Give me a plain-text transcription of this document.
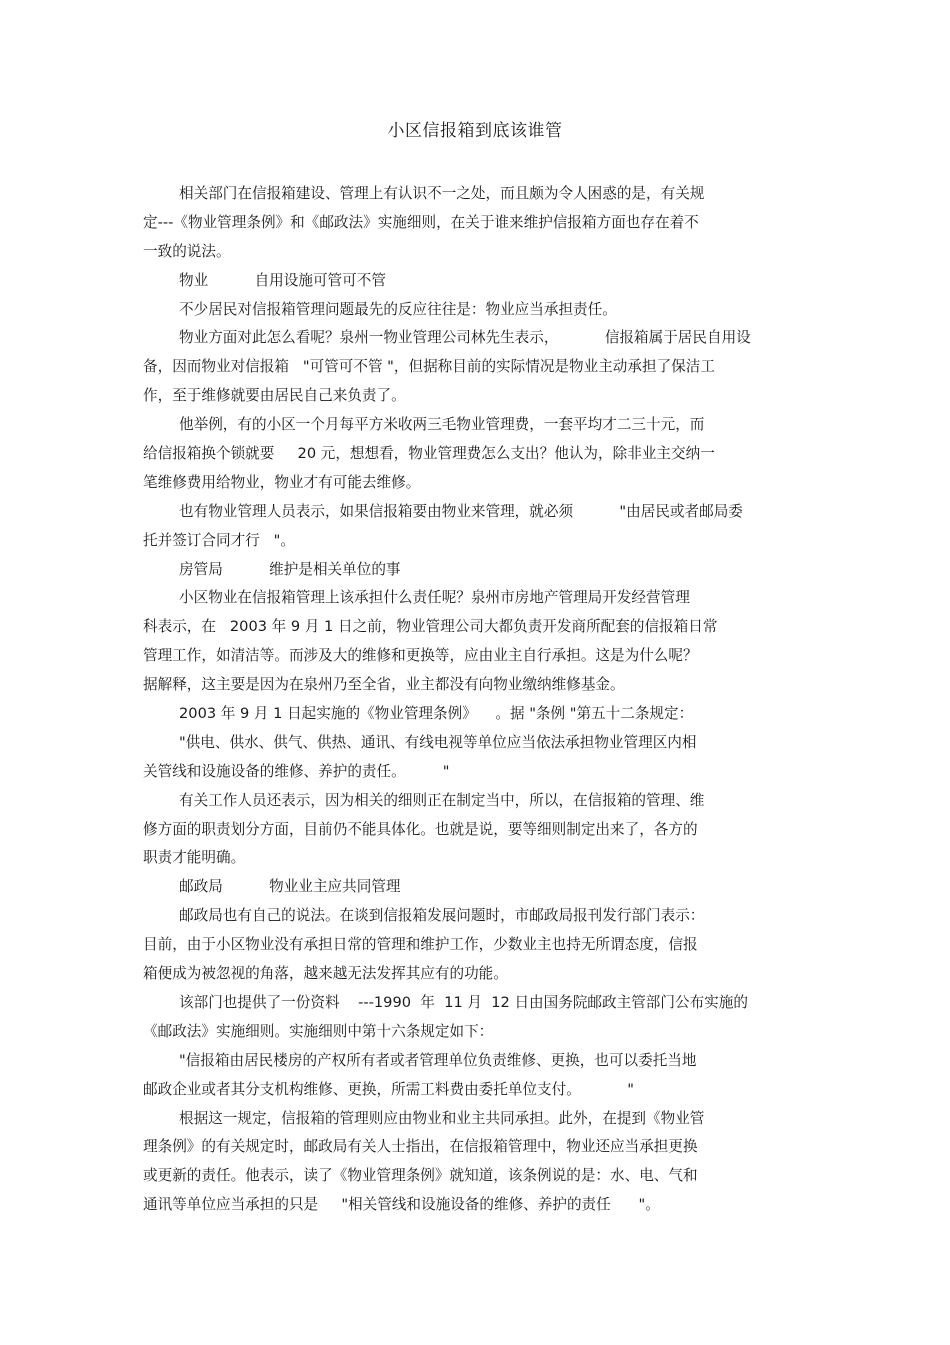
小区信报箱到底该谁管
相关部门在信报箱建设、管理上有认识不一之处，而且颇为令人困惑的是，有关规
定---《物业管理条例》和《邮政法》实施细则，在关于谁来维护信报箱方面也存在着不
一致的说法。
物业          自用设施可管可不管
不少居民对信报箱管理问题最先的反应往往是：物业应当承担责任。
物业方面对此怎么看呢？泉州一物业管理公司林先生表示，          信报箱属于居民自用设
备，因而物业对信报箱   "可管可不管 "，但据称目前的实际情况是物业主动承担了保洁工
作，至于维修就要由居民自己来负责了。
他举例，有的小区一个月每平方米收两三毛物业管理费，一套平均才二三十元，而
给信报箱换个锁就要     20 元，想想看，物业管理费怎么支出？他认为，除非业主交纳一
笔维修费用给物业，物业才有可能去维修。
也有物业管理人员表示，如果信报箱要由物业来管理，就必须          "由居民或者邮局委
托并签订合同才行   "。
房管局          维护是相关单位的事
小区物业在信报箱管理上该承担什么责任呢？泉州市房地产管理局开发经营管理
科表示，在   2003 年 9 月 1 日之前，物业管理公司大都负责开发商所配套的信报箱日常
管理工作，如清洁等。而涉及大的维修和更换等，应由业主自行承担。这是为什么呢？
据解释，这主要是因为在泉州乃至全省，业主都没有向物业缴纳维修基金。
2003 年 9 月 1 日起实施的《物业管理条例》    。据 "条例 "第五十二条规定：
"供电、供水、供气、供热、通讯、有线电视等单位应当依法承担物业管理区内相
关管线和设施设备的维修、养护的责任。        "
有关工作人员还表示，因为相关的细则正在制定当中，所以，在信报箱的管理、维
修方面的职责划分方面，目前仍不能具体化。也就是说，要等细则制定出来了，各方的
职责才能明确。
邮政局          物业业主应共同管理
邮政局也有自己的说法。在谈到信报箱发展问题时，市邮政局报刊发行部门表示：
目前，由于小区物业没有承担日常的管理和维护工作，少数业主也持无所谓态度，信报
箱便成为被忽视的角落，越来越无法发挥其应有的功能。
该部门也提供了一份资料    ---1990  年  11 月  12 日由国务院邮政主管部门公布实施的
《邮政法》实施细则。实施细则中第十六条规定如下：
"信报箱由居民楼房的产权所有者或者管理单位负责维修、更换，也可以委托当地
邮政企业或者其分支机构维修、更换，所需工料费由委托单位支付。          "
根据这一规定，信报箱的管理则应由物业和业主共同承担。此外，在提到《物业管
理条例》的有关规定时，邮政局有关人士指出，在信报箱管理中，物业还应当承担更换
或更新的责任。他表示，读了《物业管理条例》就知道，该条例说的是：水、电、气和
通讯等单位应当承担的只是     "相关管线和设施设备的维修、养护的责任      "。
